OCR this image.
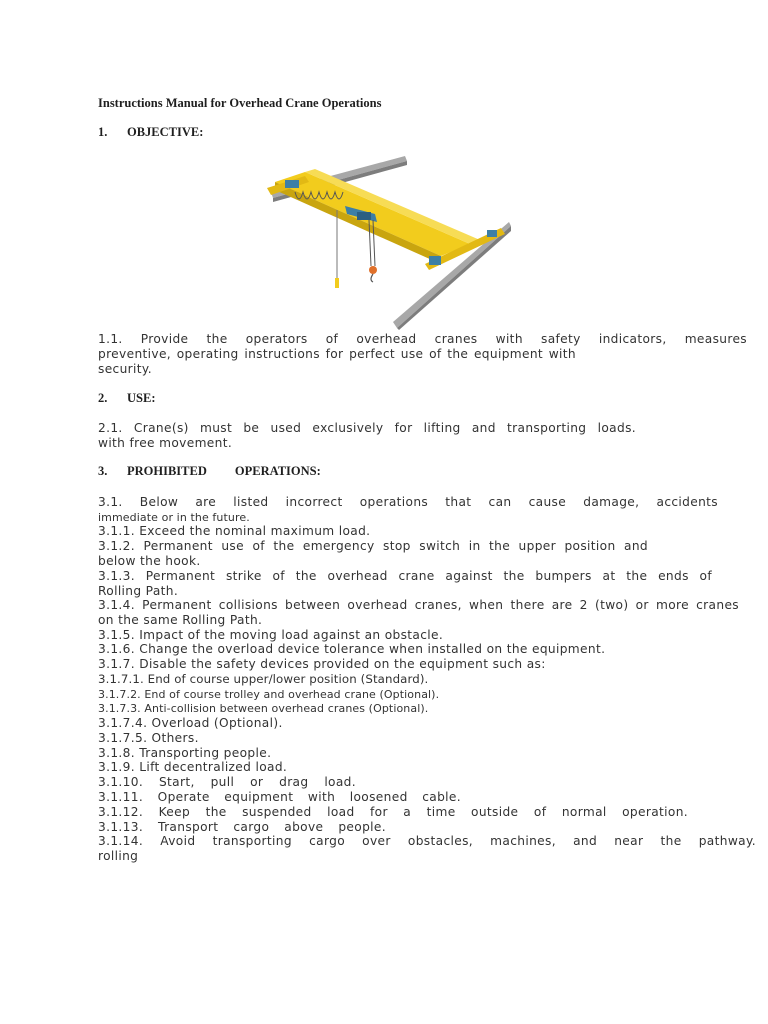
Instructions Manual for Overhead Crane Operations
1. OBJECTIVE:
1.1. Provide the operators of overhead cranes with safety indicators, measures
preventive, operating instructions for perfect use of the equipment with
security.
2. USE:
2.1. Crane(s) must be used exclusively for lifting and transporting loads.
with free movement.
3. PROHIBITED OPERATIONS:
3.1. Below are listed incorrect operations that can cause damage, accidents
immediate or in the future.
3.1.1. Exceed the nominal maximum load.
3.1.2. Permanent use of the emergency stop switch in the upper position and
below the hook.
3.1.3. Permanent strike of the overhead crane against the bumpers at the ends of
Rolling Path.
3.1.4. Permanent collisions between overhead cranes, when there are 2 (two) or more cranes
on the same Rolling Path.
3.1.5. Impact of the moving load against an obstacle.
3.1.6. Change the overload device tolerance when installed on the equipment.
3.1.7. Disable the safety devices provided on the equipment such as:
3.1.7.1. End of course upper/lower position (Standard).
3.1.7.2. End of course trolley and overhead crane (Optional).
3.1.7.3. Anti-collision between overhead cranes (Optional).
3.1.7.4. Overload (Optional).
3.1.7.5. Others.
3.1.8. Transporting people.
3.1.9. Lift decentralized load.
3.1.10. Start, pull or drag load.
3.1.11. Operate equipment with loosened cable.
3.1.12. Keep the suspended load for a time outside of normal operation.
3.1.13. Transport cargo above people.
3.1.14. Avoid transporting cargo over obstacles, machines, and near the pathway.
rolling
